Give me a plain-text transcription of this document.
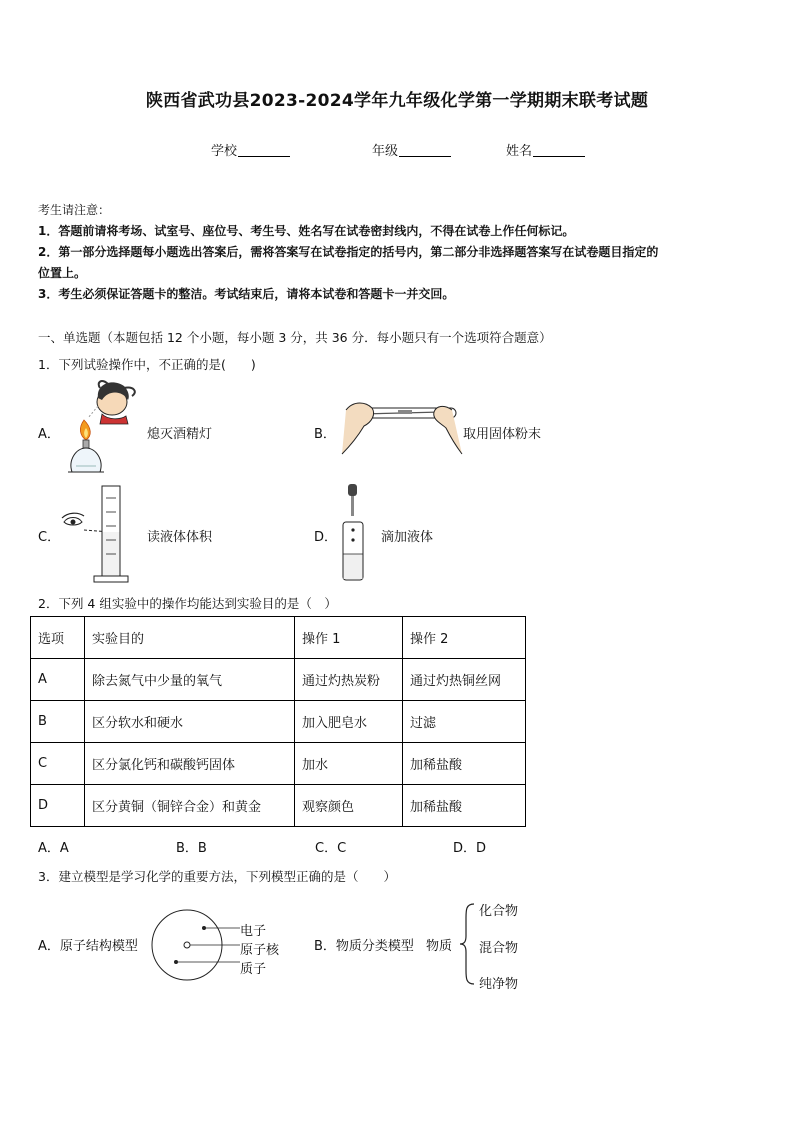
陕西省武功县2023-2024学年九年级化学第一学期期末联考试题
学校	年级	姓名
考生请注意：
1．答题前请将考场、试室号、座位号、考生号、姓名写在试卷密封线内，不得在试卷上作任何标记。
2．第一部分选择题每小题选出答案后，需将答案写在试卷指定的括号内，第二部分非选择题答案写在试卷题目指定的
位置上。
3．考生必须保证答题卡的整洁。考试结束后，请将本试卷和答题卡一并交回。
一、单选题（本题包括 12 个小题，每小题 3 分，共 36 分．每小题只有一个选项符合题意）
1．下列试验操作中，不正确的是(　　)
A．	熄灭酒精灯	B．	取用固体粉末
C．	读液体体积	D．	滴加液体
2．下列 4 组实验中的操作均能达到实验目的是（　）
选项	实验目的	操作 1	操作 2
A	除去氮气中少量的氧气	通过灼热炭粉	通过灼热铜丝网
B	区分软水和硬水	加入肥皂水	过滤
C	区分氯化钙和碳酸钙固体	加水	加稀盐酸
D	区分黄铜（铜锌合金）和黄金	观察颜色	加稀盐酸
A．A	B．B	C．C	D．D
3．建立模型是学习化学的重要方法，下列模型正确的是（　　）
A．原子结构模型
电子
原子核
质子
B．物质分类模型 物质
化合物
混合物
纯净物
